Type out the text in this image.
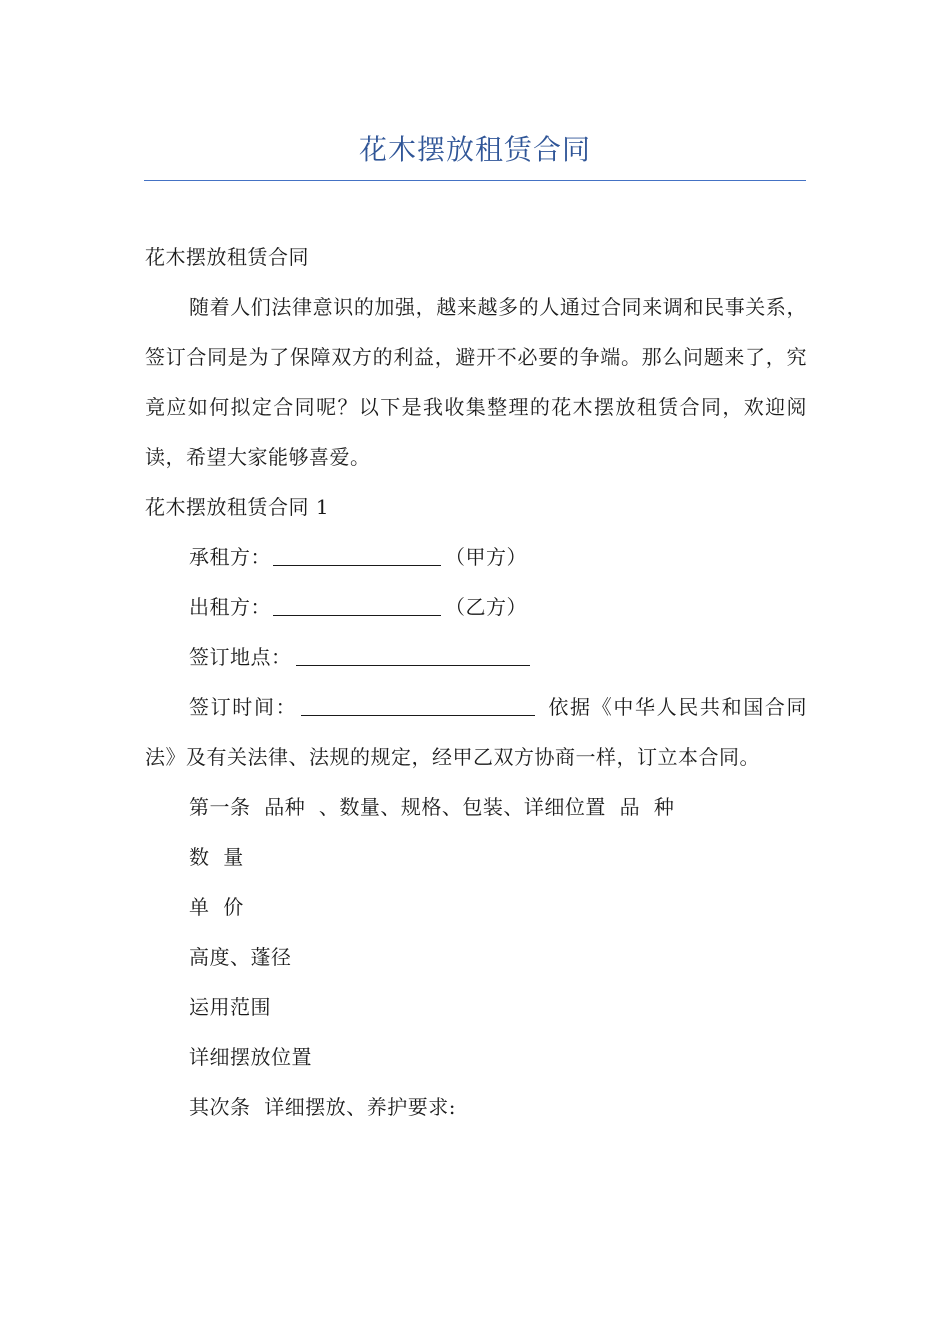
花木摆放租赁合同

花木摆放租赁合同

随着人们法律意识的加强，越来越多的人通过合同来调和民事关系，签订合同是为了保障双方的利益，避开不必要的争端。那么问题来了，究竟应如何拟定合同呢？以下是我收集整理的花木摆放租赁合同，欢迎阅读，希望大家能够喜爱。

花木摆放租赁合同 1

承租方：	（甲方）

出租方：	（乙方）

签订地点：

签订时间：	依据《中华人民共和国合同法》及有关法律、法规的规定，经甲乙双方协商一样，订立本合同。

第一条  品种  、数量、规格、包装、详细位置  品  种

数  量

单  价

高度、蓬径

运用范围

详细摆放位置

其次条  详细摆放、养护要求:
